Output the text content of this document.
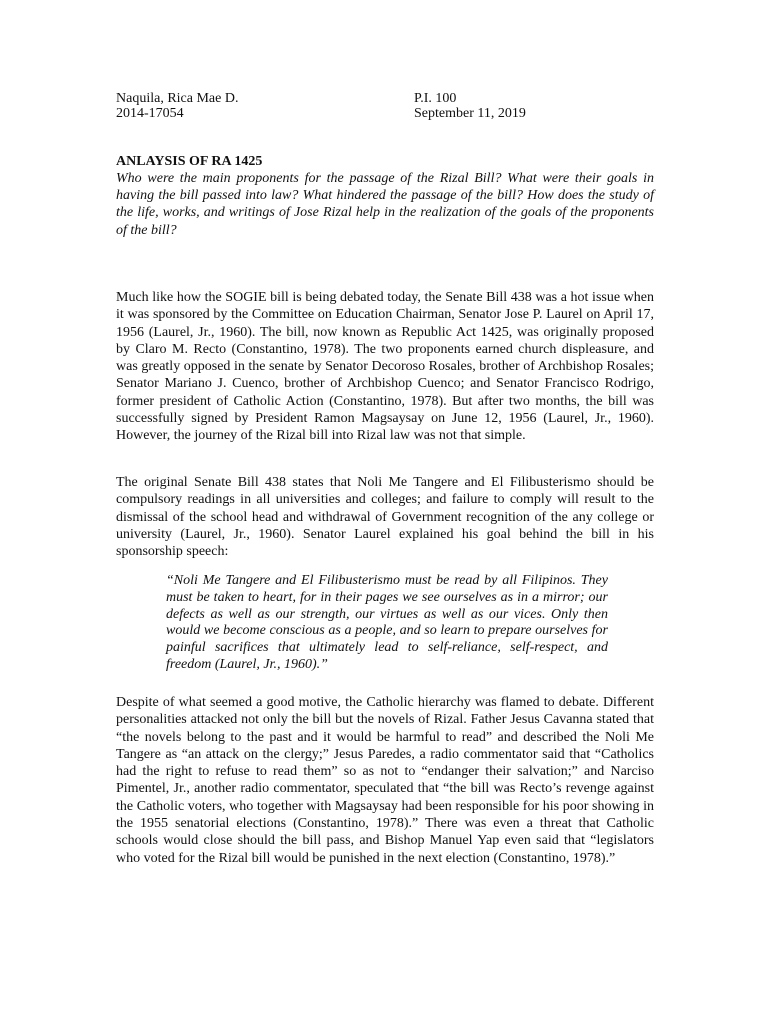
Naquila, Rica Mae D.
2014-17054
P.I. 100
September 11, 2019
ANLAYSIS OF RA 1425

Who were the main proponents for the passage of the Rizal Bill? What were their goals in having the bill passed into law? What hindered the passage of the bill? How does the study of the life, works, and writings of Jose Rizal help in the realization of the goals of the proponents of the bill?

Much like how the SOGIE bill is being debated today, the Senate Bill 438 was a hot issue when it was sponsored by the Committee on Education Chairman, Senator Jose P. Laurel on April 17, 1956 (Laurel, Jr., 1960). The bill, now known as Republic Act 1425, was originally proposed by Claro M. Recto (Constantino, 1978). The two proponents earned church displeasure, and was greatly opposed in the senate by Senator Decoroso Rosales, brother of Archbishop Rosales; Senator Mariano J. Cuenco, brother of Archbishop Cuenco; and Senator Francisco Rodrigo, former president of Catholic Action (Constantino, 1978). But after two months, the bill was successfully signed by President Ramon Magsaysay on June 12, 1956 (Laurel, Jr., 1960). However, the journey of the Rizal bill into Rizal law was not that simple.

The original Senate Bill 438 states that Noli Me Tangere and El Filibusterismo should be compulsory readings in all universities and colleges; and failure to comply will result to the dismissal of the school head and withdrawal of Government recognition of the any college or university (Laurel, Jr., 1960). Senator Laurel explained his goal behind the bill in his sponsorship speech:

“Noli Me Tangere and El Filibusterismo must be read by all Filipinos. They must be taken to heart, for in their pages we see ourselves as in a mirror; our defects as well as our strength, our virtues as well as our vices. Only then would we become conscious as a people, and so learn to prepare ourselves for painful sacrifices that ultimately lead to self-reliance, self-respect, and freedom (Laurel, Jr., 1960).”

Despite of what seemed a good motive, the Catholic hierarchy was flamed to debate. Different personalities attacked not only the bill but the novels of Rizal. Father Jesus Cavanna stated that “the novels belong to the past and it would be harmful to read” and described the Noli Me Tangere as “an attack on the clergy;” Jesus Paredes, a radio commentator said that “Catholics had the right to refuse to read them” so as not to “endanger their salvation;” and Narciso Pimentel, Jr., another radio commentator, speculated that “the bill was Recto’s revenge against the Catholic voters, who together with Magsaysay had been responsible for his poor showing in the 1955 senatorial elections (Constantino, 1978).” There was even a threat that Catholic schools would close should the bill pass, and Bishop Manuel Yap even said that “legislators who voted for the Rizal bill would be punished in the next election (Constantino, 1978).”
